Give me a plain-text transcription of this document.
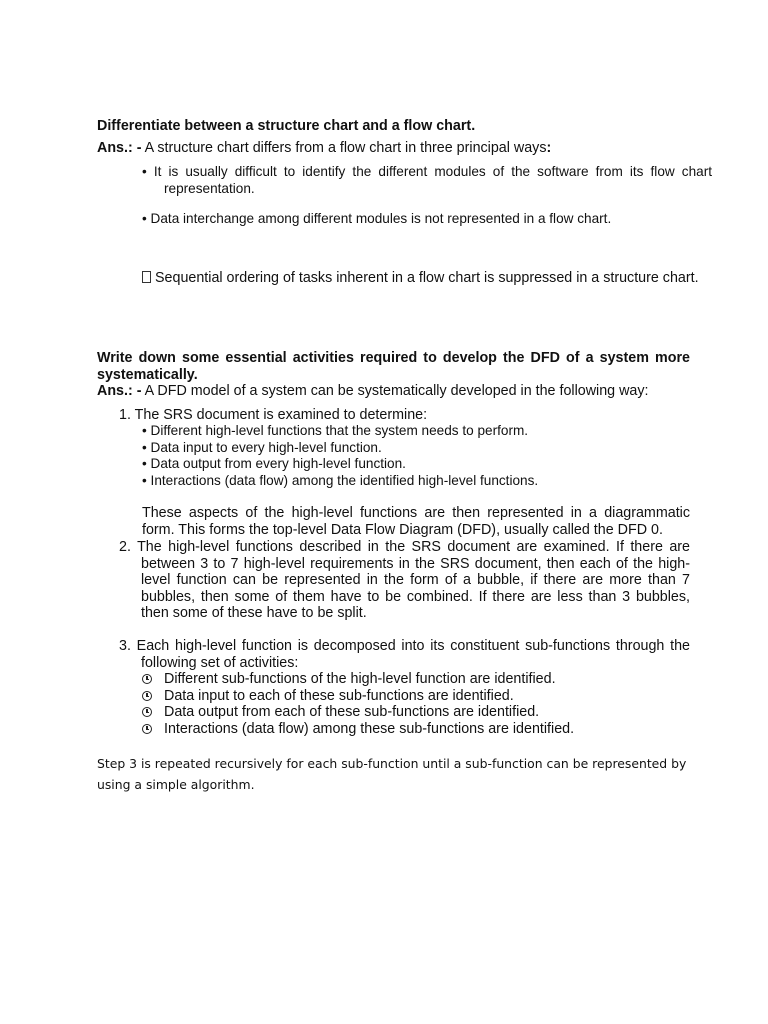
Differentiate between a structure chart and a flow chart.
Ans.: - A structure chart differs from a flow chart in three principal ways:
• It is usually difficult to identify the different modules of the software from its flow chart representation.
• Data interchange among different modules is not represented in a flow chart.
Sequential ordering of tasks inherent in a flow chart is suppressed in a structure chart.
Write down some essential activities required to develop the DFD of a system more systematically.
Ans.: - A DFD model of a system can be systematically developed in the following way:
1. The SRS document is examined to determine:
• Different high-level functions that the system needs to perform.
• Data input to every high-level function.
• Data output from every high-level function.
• Interactions (data flow) among the identified high-level functions.
These aspects of the high-level functions are then represented in a diagrammatic form. This forms the top-level Data Flow Diagram (DFD), usually called the DFD 0.
2. The high-level functions described in the SRS document are examined. If there are between 3 to 7 high-level requirements in the SRS document, then each of the high-level function can be represented in the form of a bubble, if there are more than 7 bubbles, then some of them have to be combined. If there are less than 3 bubbles, then some of these have to be split.
3. Each high-level function is decomposed into its constituent sub-functions through the following set of activities:
Different sub-functions of the high-level function are identified.
Data input to each of these sub-functions are identified.
Data output from each of these sub-functions are identified.
Interactions (data flow) among these sub-functions are identified.
Step 3 is repeated recursively for each sub-function until a sub-function can be represented by using a simple algorithm.
